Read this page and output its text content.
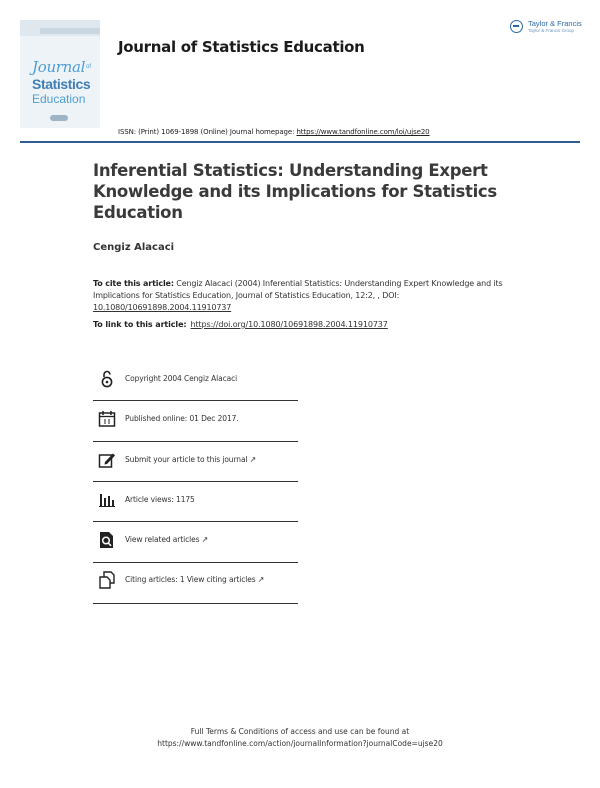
Journal of
Statistics
Education
Journal of Statistics Education
Taylor & Francis
Taylor & Francis Group
ISSN: (Print) 1069-1898 (Online) Journal homepage: https://www.tandfonline.com/loi/ujse20
Inferential Statistics: Understanding Expert Knowledge and its Implications for Statistics Education
Cengiz Alacaci
To cite this article: Cengiz Alacaci (2004) Inferential Statistics: Understanding Expert Knowledge and its Implications for Statistics Education, Journal of Statistics Education, 12:2, , DOI: 10.1080/10691898.2004.11910737
To link to this article: https://doi.org/10.1080/10691898.2004.11910737
Copyright 2004 Cengiz Alacaci
Published online: 01 Dec 2017.
Submit your article to this journal ↗
Article views: 1175
View related articles ↗
Citing articles: 1 View citing articles ↗
Full Terms & Conditions of access and use can be found at
https://www.tandfonline.com/action/journalInformation?journalCode=ujse20
